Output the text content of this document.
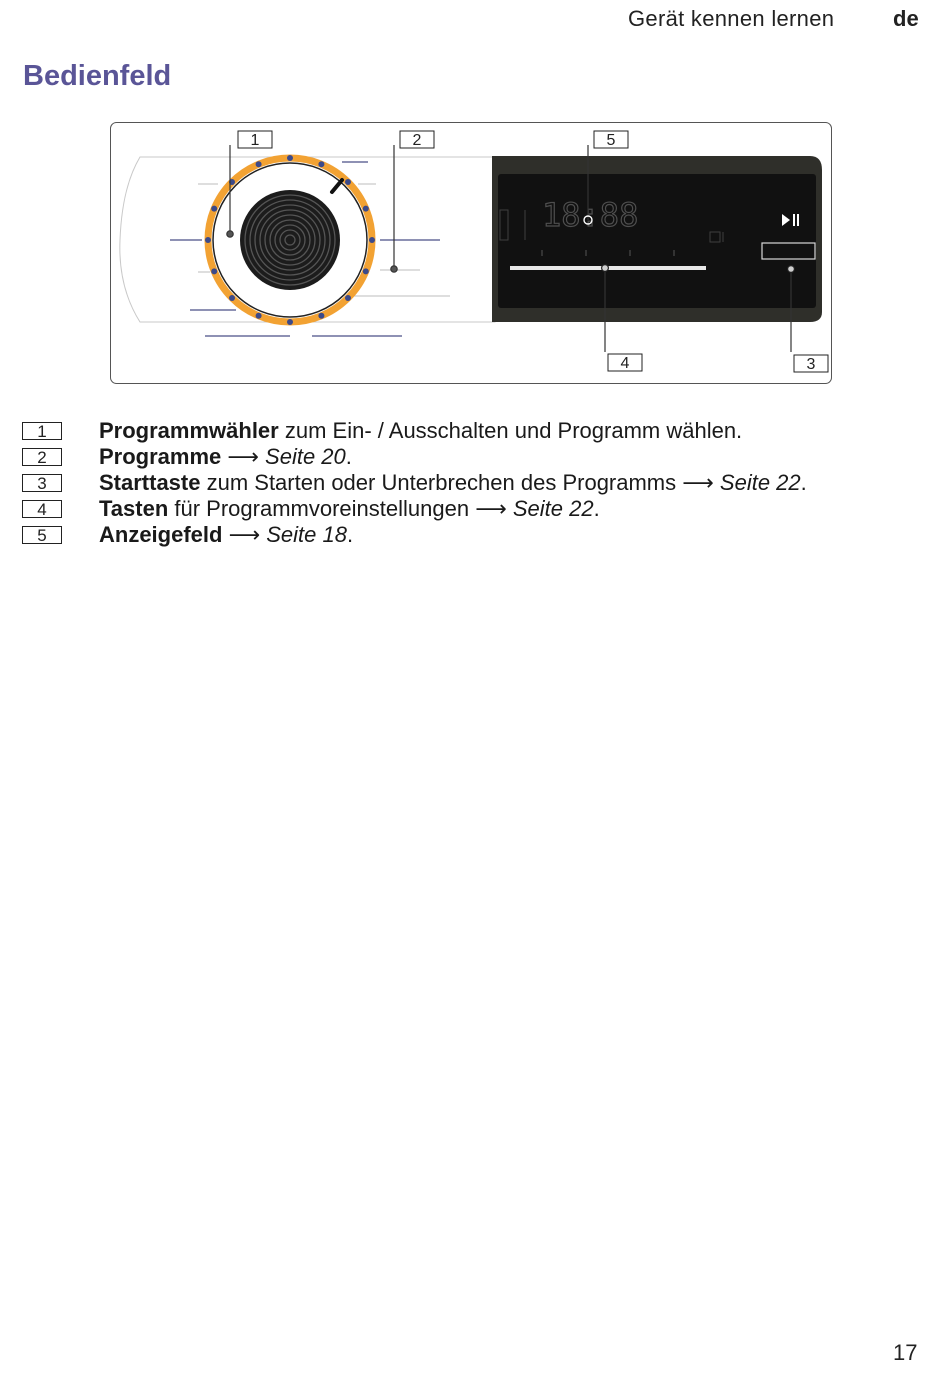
Gerät kennen lernen	de
Bedienfeld
18:88
1	2	5
4	3
1	Programmwähler zum Ein- / Ausschalten und Programm wählen.
2	Programme ⟶ Seite 20.
3	Starttaste zum Starten oder Unterbrechen des Programms ⟶ Seite 22.
4	Tasten für Programmvoreinstellungen ⟶ Seite 22.
5	Anzeigefeld ⟶ Seite 18.
17
